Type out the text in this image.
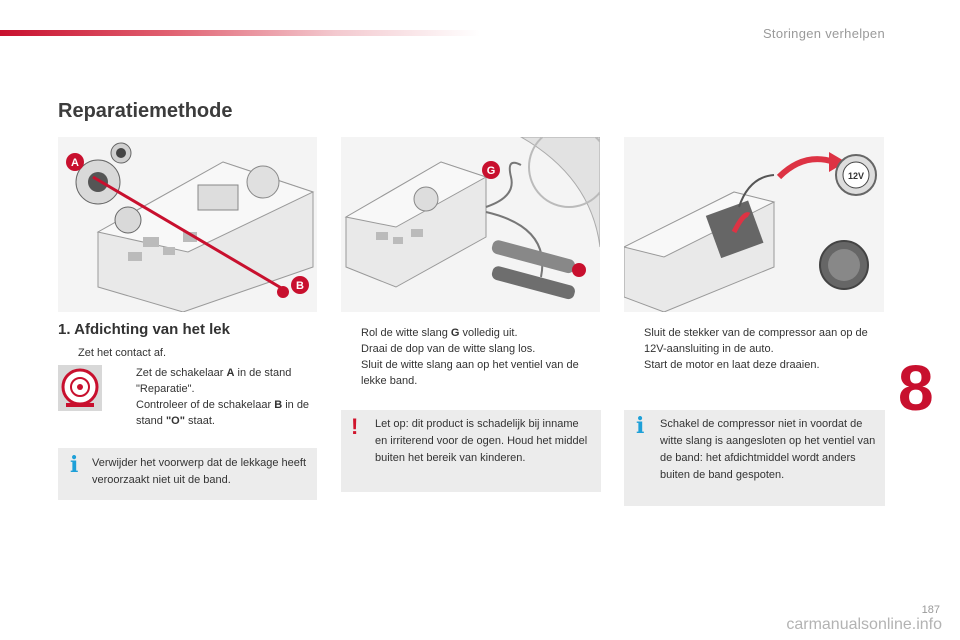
Storingen verhelpen
Reparatiemethode
A
B
G	12V
1. Afdichting van het lek
Zet het contact af.
Zet de schakelaar A in de stand "Reparatie".
Controleer of de schakelaar B in de stand "O" staat.
i Verwijder het voorwerp dat de lekkage heeft veroorzaakt niet uit de band.
Rol de witte slang G volledig uit.
Draai de dop van de witte slang los.
Sluit de witte slang aan op het ventiel van de lekke band.
! Let op: dit product is schadelijk bij inname en irriterend voor de ogen. Houd het middel buiten het bereik van kinderen.
Sluit de stekker van de compressor aan op de 12V-aansluiting in de auto.
Start de motor en laat deze draaien.
i Schakel de compressor niet in voordat de witte slang is aangesloten op het ventiel van de band: het afdichtmiddel wordt anders buiten de band gespoten.
8
187
carmanualsonline.info
